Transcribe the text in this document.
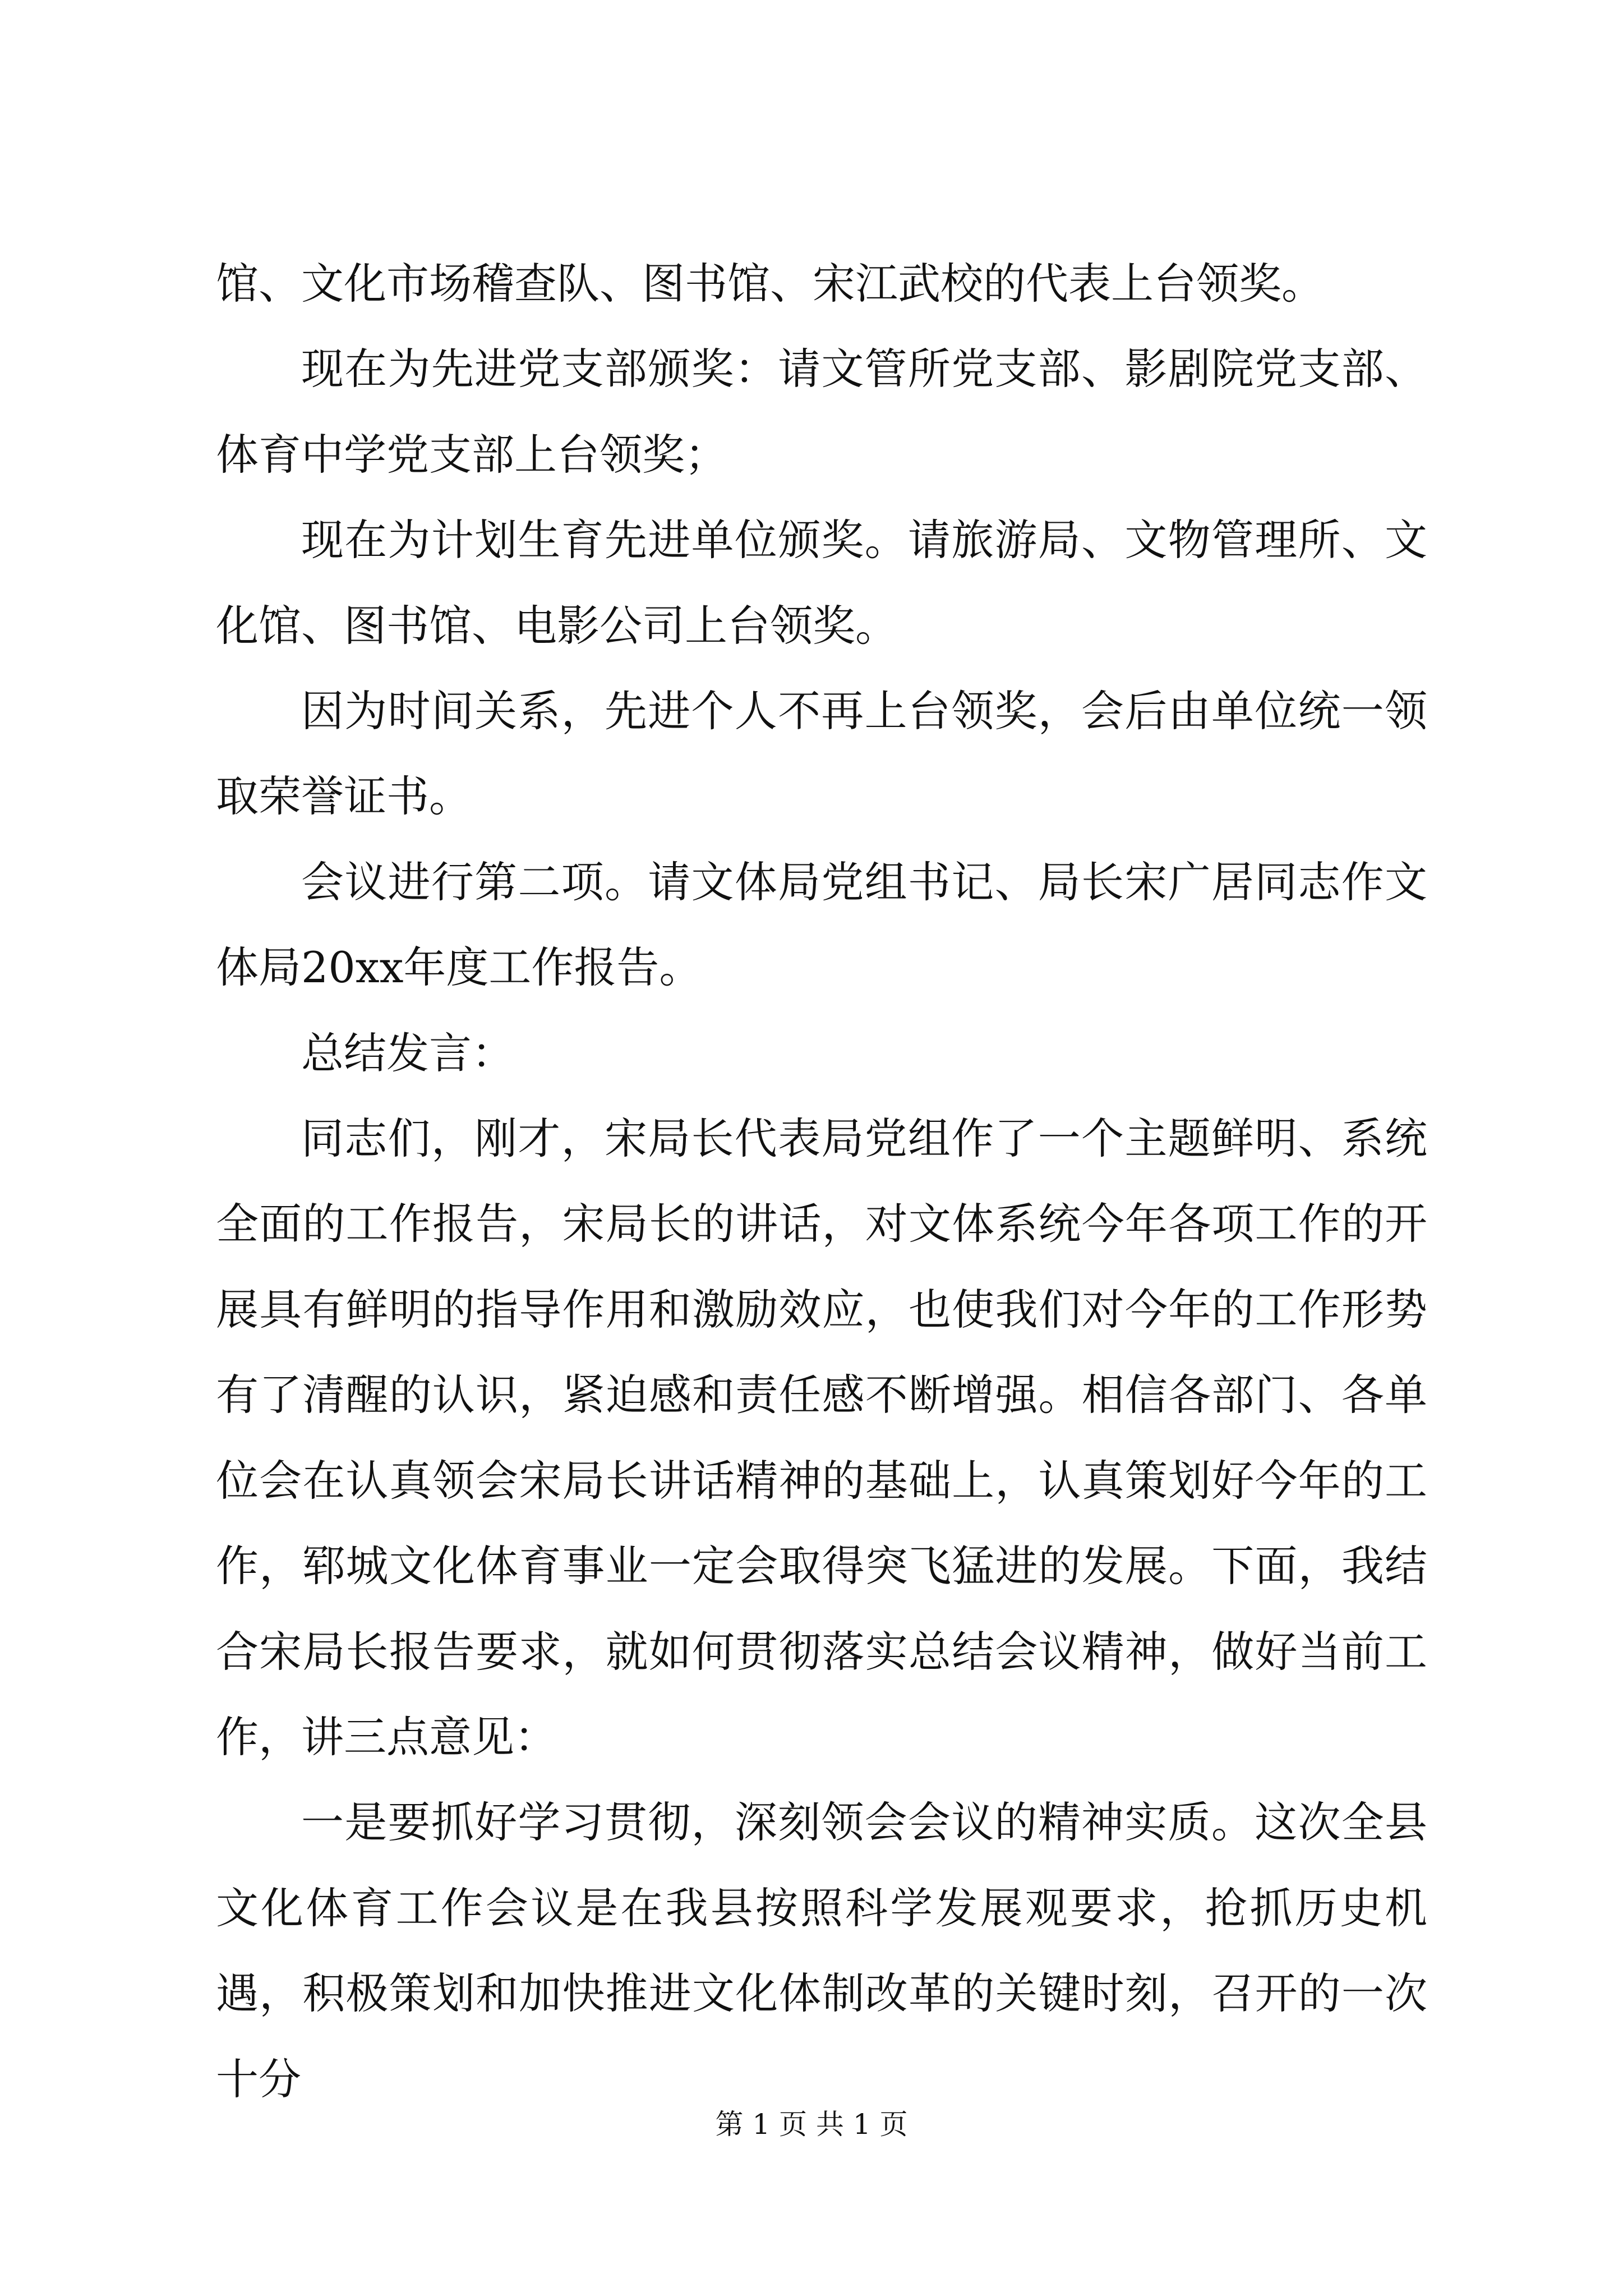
馆、文化市场稽查队、图书馆、宋江武校的代表上台领奖。

现在为先进党支部颁奖：请文管所党支部、影剧院党支部、体育中学党支部上台领奖；

现在为计划生育先进单位颁奖。请旅游局、文物管理所、文化馆、图书馆、电影公司上台领奖。

因为时间关系，先进个人不再上台领奖，会后由单位统一领取荣誉证书。

会议进行第二项。请文体局党组书记、局长宋广居同志作文体局20xx年度工作报告。

总结发言：

同志们，刚才，宋局长代表局党组作了一个主题鲜明、系统全面的工作报告，宋局长的讲话，对文体系统今年各项工作的开展具有鲜明的指导作用和激励效应，也使我们对今年的工作形势有了清醒的认识，紧迫感和责任感不断增强。相信各部门、各单位会在认真领会宋局长讲话精神的基础上，认真策划好今年的工作，郓城文化体育事业一定会取得突飞猛进的发展。下面，我结合宋局长报告要求，就如何贯彻落实总结会议精神，做好当前工作，讲三点意见：

一是要抓好学习贯彻，深刻领会会议的精神实质。这次全县文化体育工作会议是在我县按照科学发展观要求，抢抓历史机遇，积极策划和加快推进文化体制改革的关键时刻，召开的一次十分

第 1 页 共 1 页
